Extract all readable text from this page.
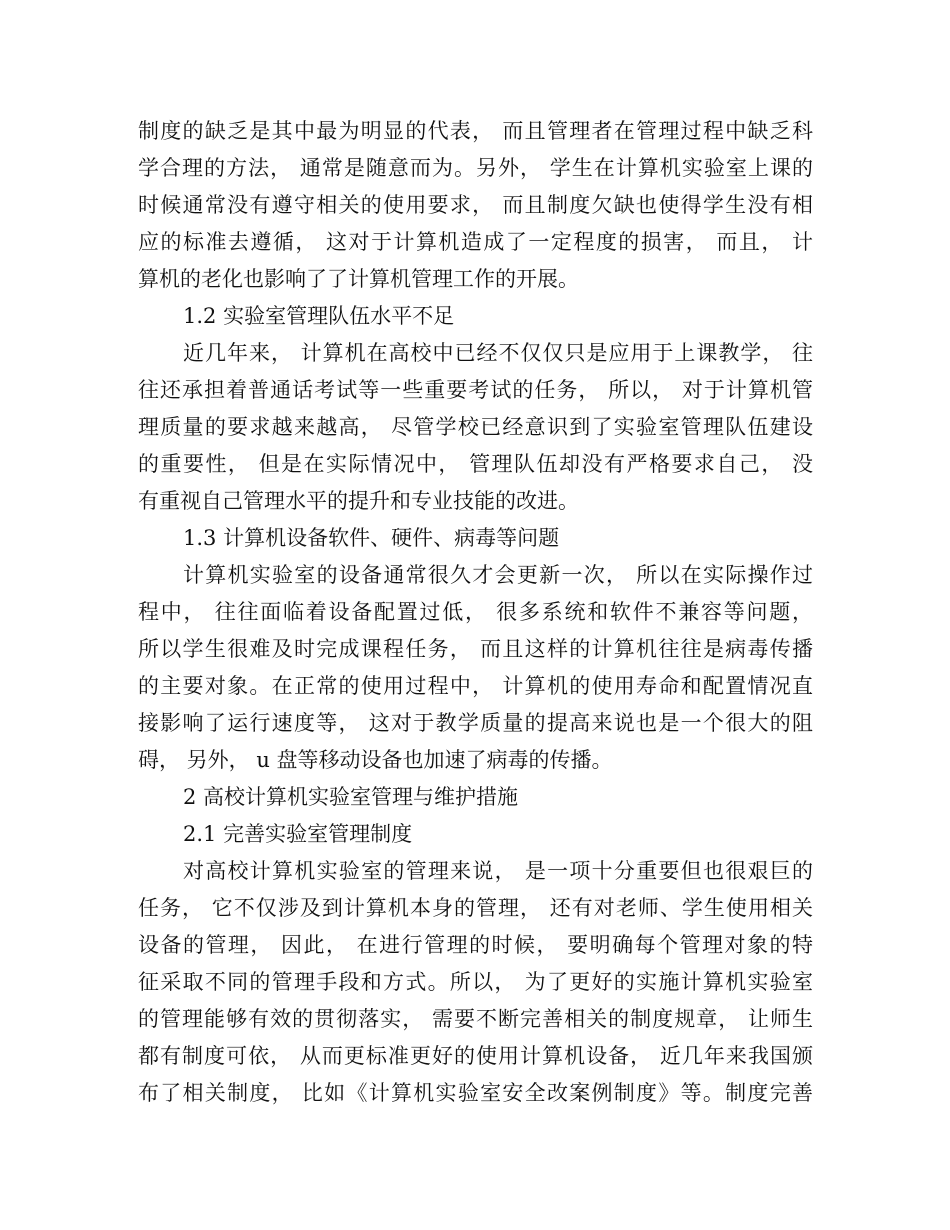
制度的缺乏是其中最为明显的代表， 而且管理者在管理过程中缺乏科
学合理的方法， 通常是随意而为。另外， 学生在计算机实验室上课的
时候通常没有遵守相关的使用要求， 而且制度欠缺也使得学生没有相
应的标准去遵循， 这对于计算机造成了一定程度的损害， 而且， 计
算机的老化也影响了了计算机管理工作的开展。
1.2 实验室管理队伍水平不足
近几年来， 计算机在高校中已经不仅仅只是应用于上课教学， 往
往还承担着普通话考试等一些重要考试的任务， 所以， 对于计算机管
理质量的要求越来越高， 尽管学校已经意识到了实验室管理队伍建设
的重要性， 但是在实际情况中， 管理队伍却没有严格要求自己， 没
有重视自己管理水平的提升和专业技能的改进。
1.3 计算机设备软件、硬件、病毒等问题
计算机实验室的设备通常很久才会更新一次， 所以在实际操作过
程中， 往往面临着设备配置过低， 很多系统和软件不兼容等问题，
所以学生很难及时完成课程任务， 而且这样的计算机往往是病毒传播
的主要对象。在正常的使用过程中， 计算机的使用寿命和配置情况直
接影响了运行速度等， 这对于教学质量的提高来说也是一个很大的阻
碍， 另外， u 盘等移动设备也加速了病毒的传播。
2 高校计算机实验室管理与维护措施
2.1 完善实验室管理制度
对高校计算机实验室的管理来说， 是一项十分重要但也很艰巨的
任务， 它不仅涉及到计算机本身的管理， 还有对老师、学生使用相关
设备的管理， 因此， 在进行管理的时候， 要明确每个管理对象的特
征采取不同的管理手段和方式。所以， 为了更好的实施计算机实验室
的管理能够有效的贯彻落实， 需要不断完善相关的制度规章， 让师生
都有制度可依， 从而更标准更好的使用计算机设备， 近几年来我国颁
布了相关制度， 比如《计算机实验室安全改案例制度》等。制度完善
